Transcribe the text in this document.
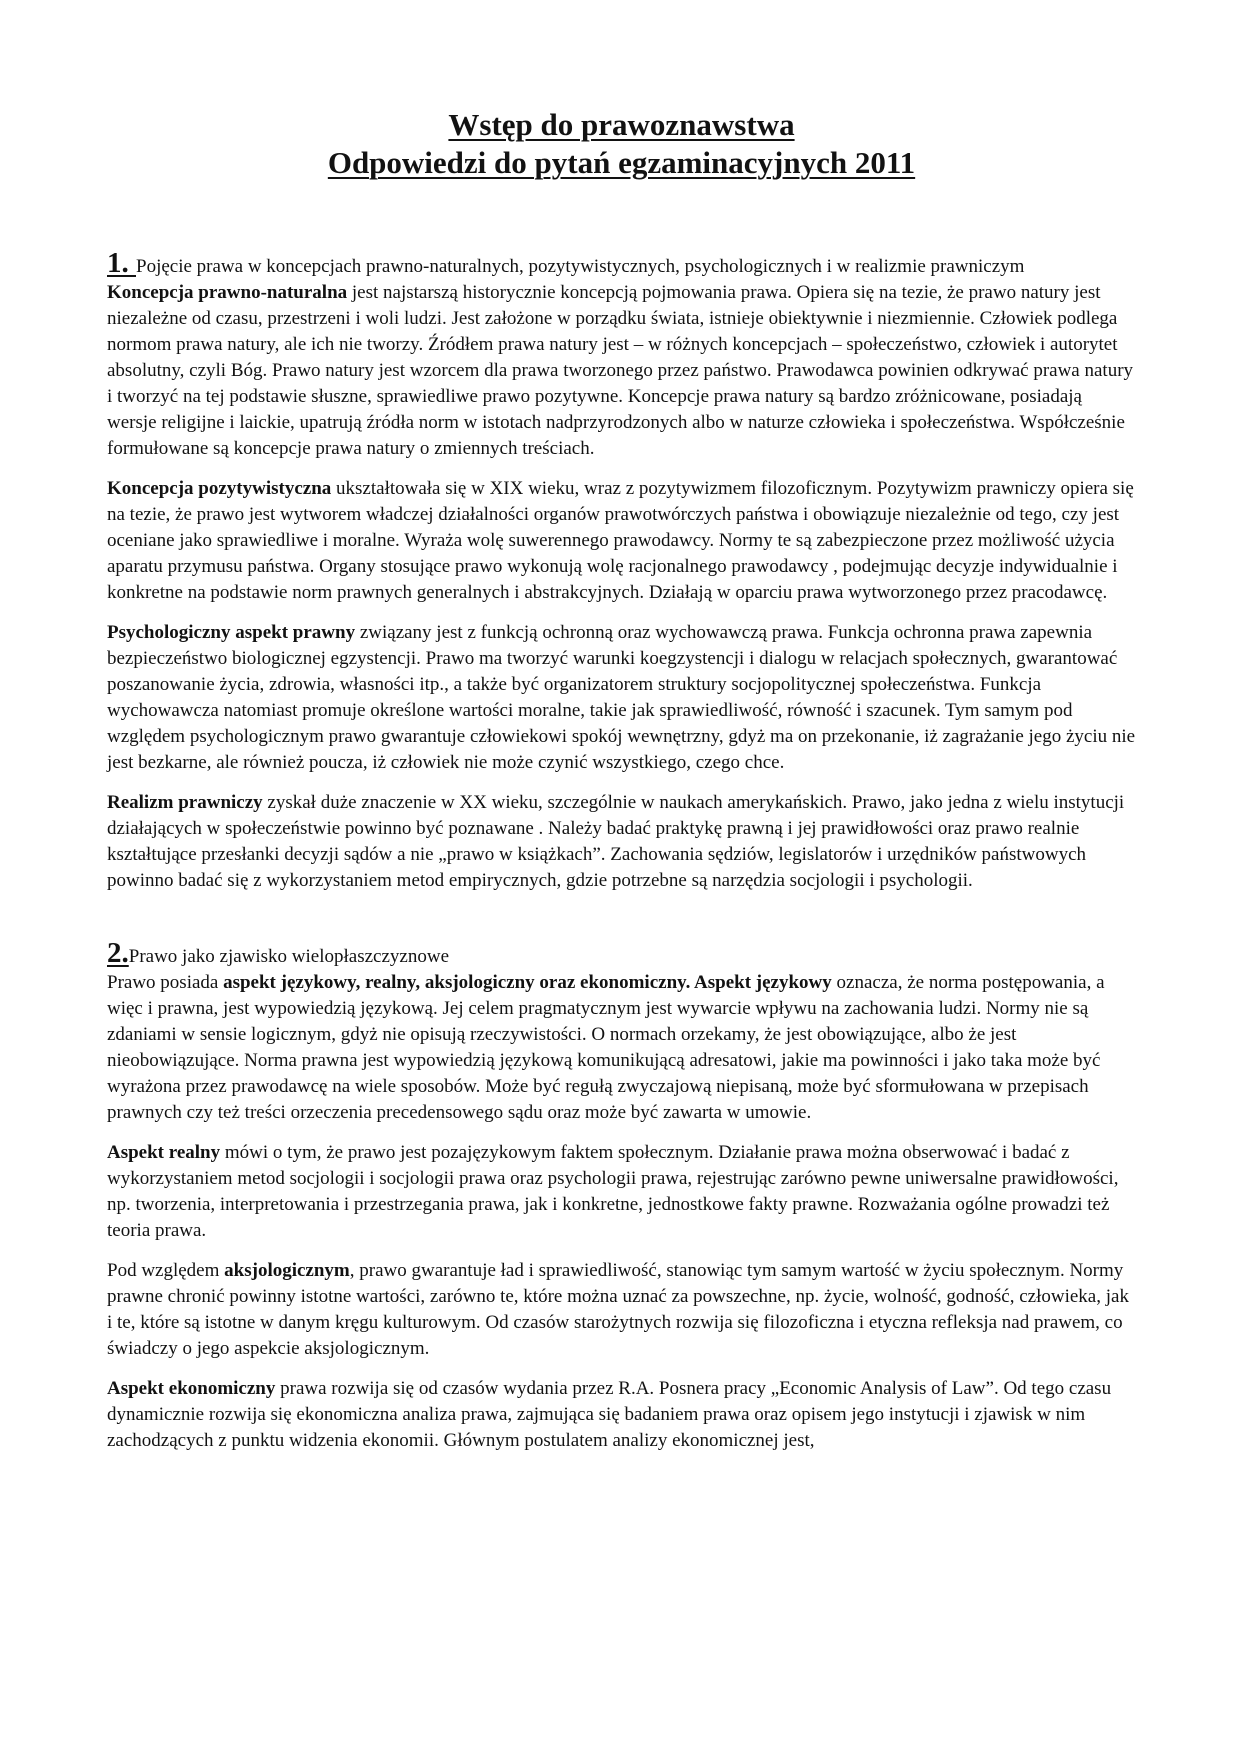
Wstęp do prawoznawstwa
Odpowiedzi do pytań egzaminacyjnych 2011
1. Pojęcie prawa w koncepcjach prawno-naturalnych, pozytywistycznych, psychologicznych i w realizmie prawniczym

Koncepcja prawno-naturalna jest najstarszą historycznie koncepcją pojmowania prawa. Opiera się na tezie, że prawo natury jest niezależne od czasu, przestrzeni i woli ludzi. Jest założone w porządku świata, istnieje obiektywnie i niezmiennie. Człowiek podlega normom prawa natury, ale ich nie tworzy. Źródłem prawa natury jest – w różnych koncepcjach – społeczeństwo, człowiek i autorytet absolutny, czyli Bóg. Prawo natury jest wzorcem dla prawa tworzonego przez państwo. Prawodawca powinien odkrywać prawa natury i tworzyć na tej podstawie słuszne, sprawiedliwe prawo pozytywne. Koncepcje prawa natury są bardzo zróżnicowane, posiadają wersje religijne i laickie, upatrują źródła norm w istotach nadprzyrodzonych albo w naturze człowieka i społeczeństwa. Współcześnie formułowane są koncepcje prawa natury o zmiennych treściach.

Koncepcja pozytywistyczna ukształtowała się w XIX wieku, wraz z pozytywizmem filozoficznym. Pozytywizm prawniczy opiera się na tezie, że prawo jest wytworem władczej działalności organów prawotwórczych państwa i obowiązuje niezależnie od tego, czy jest oceniane jako sprawiedliwe i moralne. Wyraża wolę suwerennego prawodawcy. Normy te są zabezpieczone przez możliwość użycia aparatu przymusu państwa. Organy stosujące prawo wykonują wolę racjonalnego prawodawcy , podejmując decyzje indywidualnie i konkretne na podstawie norm prawnych generalnych i abstrakcyjnych. Działają w oparciu prawa wytworzonego przez pracodawcę.

Psychologiczny aspekt prawny związany jest z funkcją ochronną oraz wychowawczą prawa. Funkcja ochronna prawa zapewnia bezpieczeństwo biologicznej egzystencji. Prawo ma tworzyć warunki koegzystencji i dialogu w relacjach społecznych, gwarantować poszanowanie życia, zdrowia, własności itp., a także być organizatorem struktury socjopolitycznej społeczeństwa. Funkcja wychowawcza natomiast promuje określone wartości moralne, takie jak sprawiedliwość, równość i szacunek. Tym samym pod względem psychologicznym prawo gwarantuje człowiekowi spokój wewnętrzny, gdyż ma on przekonanie, iż zagrażanie jego życiu nie jest bezkarne, ale również poucza, iż człowiek nie może czynić wszystkiego, czego chce.

Realizm prawniczy zyskał duże znaczenie w XX wieku, szczególnie w naukach amerykańskich. Prawo, jako jedna z wielu instytucji działających w społeczeństwie powinno być poznawane . Należy badać praktykę prawną i jej prawidłowości oraz prawo realnie kształtujące przesłanki decyzji sądów a nie „prawo w książkach”. Zachowania sędziów, legislatorów i urzędników państwowych powinno badać się z wykorzystaniem metod empirycznych, gdzie potrzebne są narzędzia socjologii i psychologii.

2.Prawo jako zjawisko wielopłaszczyznowe

Prawo posiada aspekt językowy, realny, aksjologiczny oraz ekonomiczny. Aspekt językowy oznacza, że norma postępowania, a więc i prawna, jest wypowiedzią językową. Jej celem pragmatycznym jest wywarcie wpływu na zachowania ludzi. Normy nie są zdaniami w sensie logicznym, gdyż nie opisują rzeczywistości. O normach orzekamy, że jest obowiązujące, albo że jest nieobowiązujące. Norma prawna jest wypowiedzią językową komunikującą adresatowi, jakie ma powinności i jako taka może być wyrażona przez prawodawcę na wiele sposobów. Może być regułą zwyczajową niepisaną, może być sformułowana w przepisach prawnych czy też treści orzeczenia precedensowego sądu oraz może być zawarta w umowie.

Aspekt realny mówi o tym, że prawo jest pozajęzykowym faktem społecznym. Działanie prawa można obserwować i badać z wykorzystaniem metod socjologii i socjologii prawa oraz psychologii prawa, rejestrując zarówno pewne uniwersalne prawidłowości, np. tworzenia, interpretowania i przestrzegania prawa, jak i konkretne, jednostkowe fakty prawne. Rozważania ogólne prowadzi też teoria prawa.

Pod względem aksjologicznym, prawo gwarantuje ład i sprawiedliwość, stanowiąc tym samym wartość w życiu społecznym. Normy prawne chronić powinny istotne wartości, zarówno te, które można uznać za powszechne, np. życie, wolność, godność, człowieka, jak i te, które są istotne w danym kręgu kulturowym. Od czasów starożytnych rozwija się filozoficzna i etyczna refleksja nad prawem, co świadczy o jego aspekcie aksjologicznym.

Aspekt ekonomiczny prawa rozwija się od czasów wydania przez R.A. Posnera pracy „Economic Analysis of Law”. Od tego czasu dynamicznie rozwija się ekonomiczna analiza prawa, zajmująca się badaniem prawa oraz opisem jego instytucji i zjawisk w nim zachodzących z punktu widzenia ekonomii. Głównym postulatem analizy ekonomicznej jest,
